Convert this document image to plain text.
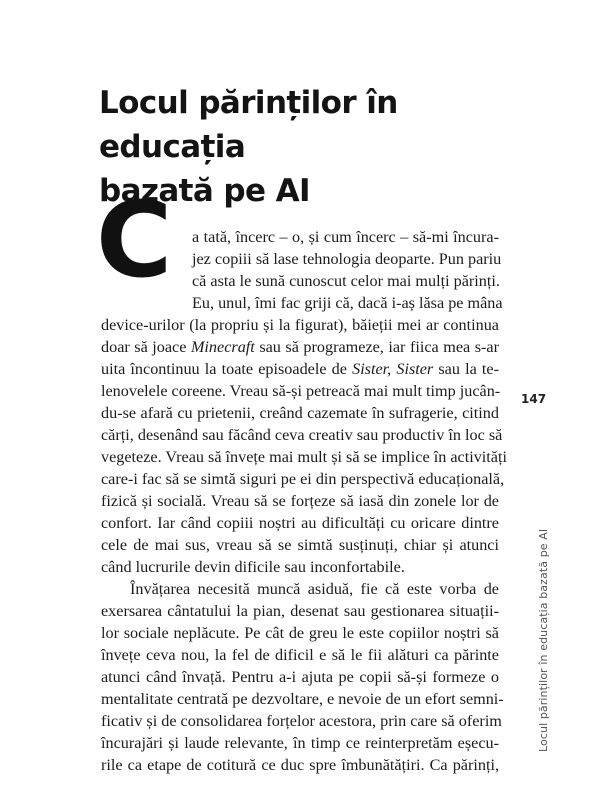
Locul părinților în educația
bazată pe AI
C a tată, încerc – o, și cum încerc – să-mi încura-
jez copiii să lase tehnologia deoparte. Pun pariu
că asta le sună cunoscut celor mai mulți părinți.
Eu, unul, îmi fac griji că, dacă i-aș lăsa pe mâna
device-urilor (la propriu și la figurat), băieții mei ar continua
doar să joace Minecraft sau să programeze, iar fiica mea s-ar
uita încontinuu la toate episoadele de Sister, Sister sau la te-
lenovelele coreene. Vreau să-și petreacă mai mult timp jucân-
du-se afară cu prietenii, creând cazemate în sufragerie, citind
cărți, desenând sau făcând ceva creativ sau productiv în loc să
vegeteze. Vreau să învețe mai mult și să se implice în activități
care-i fac să se simtă siguri pe ei din perspectivă educațională,
fizică și socială. Vreau să se forțeze să iasă din zonele lor de
confort. Iar când copiii noștri au dificultăți cu oricare dintre
cele de mai sus, vreau să se simtă susținuți, chiar și atunci
când lucrurile devin dificile sau inconfortabile.
Învățarea necesită muncă asiduă, fie că este vorba de
exersarea cântatului la pian, desenat sau gestionarea situații-
lor sociale neplăcute. Pe cât de greu le este copiilor noștri să
învețe ceva nou, la fel de dificil e să le fii alături ca părinte
atunci când învață. Pentru a-i ajuta pe copii să-și formeze o
mentalitate centrată pe dezvoltare, e nevoie de un efort semni-
ficativ și de consolidarea forțelor acestora, prin care să oferim
încurajări și laude relevante, în timp ce reinterpretăm eșecu-
rile ca etape de cotitură ce duc spre îmbunătățiri. Ca părinți,
147
Locul părinților în educația bazată pe AI
